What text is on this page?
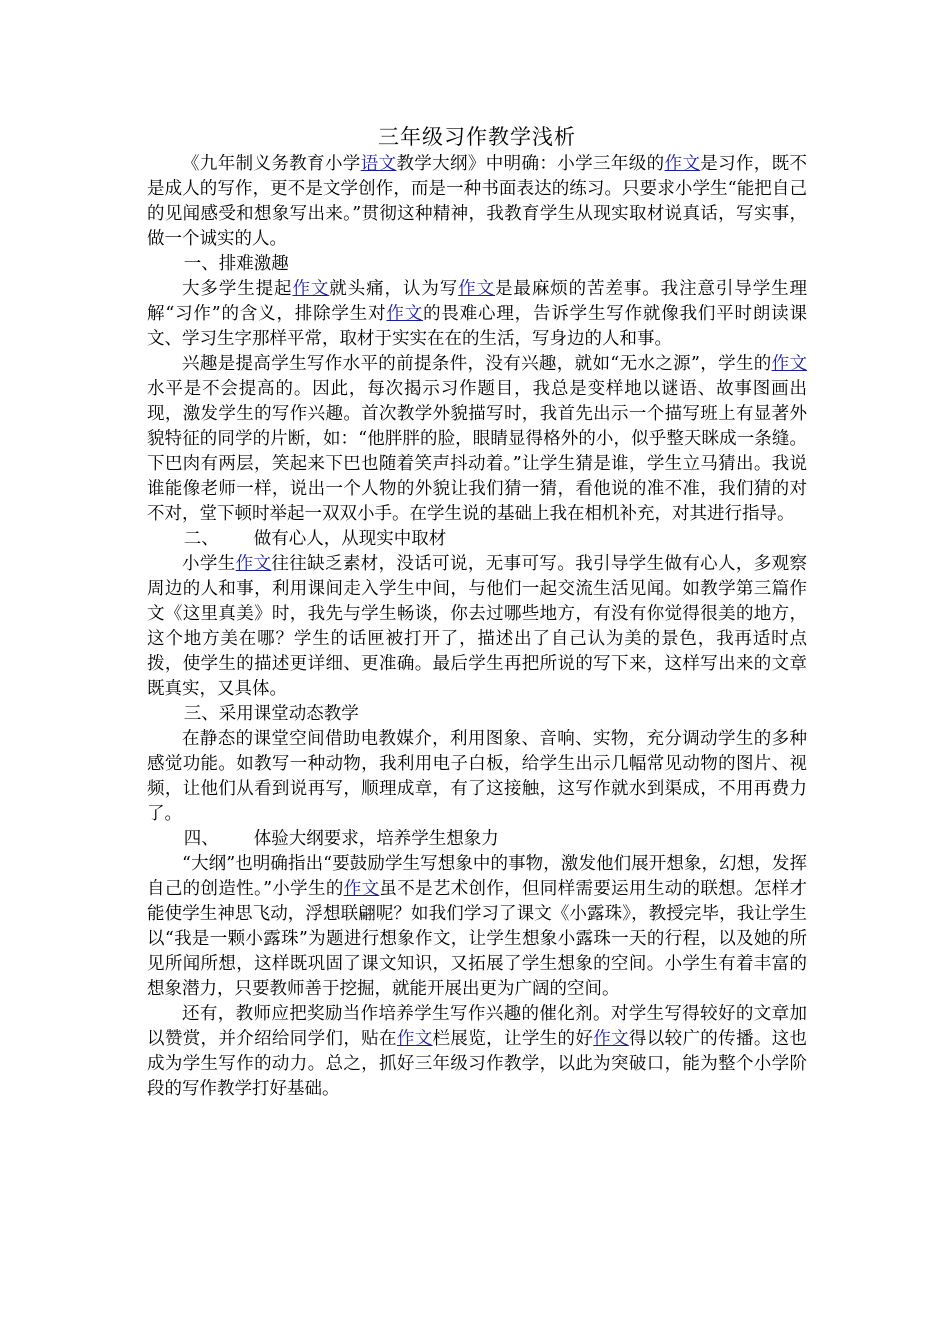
三年级习作教学浅析

《九年制义务教育小学语文教学大纲》中明确：小学三年级的作文是习作，既不是成人的写作，更不是文学创作，而是一种书面表达的练习。只要求小学生“能把自己的见闻感受和想象写出来。”贯彻这种精神，我教育学生从现实取材说真话，写实事，做一个诚实的人。

一、排难激趣

大多学生提起作文就头痛，认为写作文是最麻烦的苦差事。我注意引导学生理解“习作”的含义，排除学生对作文的畏难心理，告诉学生写作就像我们平时朗读课文、学习生字那样平常，取材于实实在在的生活，写身边的人和事。

兴趣是提高学生写作水平的前提条件，没有兴趣，就如“无水之源”，学生的作文水平是不会提高的。因此，每次揭示习作题目，我总是变样地以谜语、故事图画出现，激发学生的写作兴趣。首次教学外貌描写时，我首先出示一个描写班上有显著外貌特征的同学的片断，如：“他胖胖的脸，眼睛显得格外的小，似乎整天眯成一条缝。下巴肉有两层，笑起来下巴也随着笑声抖动着。”让学生猜是谁，学生立马猜出。我说谁能像老师一样，说出一个人物的外貌让我们猜一猜，看他说的准不准，我们猜的对不对，堂下顿时举起一双双小手。在学生说的基础上我在相机补充，对其进行指导。

二、 做有心人，从现实中取材

小学生作文往往缺乏素材，没话可说，无事可写。我引导学生做有心人，多观察周边的人和事，利用课间走入学生中间，与他们一起交流生活见闻。如教学第三篇作文《这里真美》时，我先与学生畅谈，你去过哪些地方，有没有你觉得很美的地方，这个地方美在哪？学生的话匣被打开了，描述出了自己认为美的景色，我再适时点拨，使学生的描述更详细、更准确。最后学生再把所说的写下来，这样写出来的文章既真实，又具体。

三、采用课堂动态教学

在静态的课堂空间借助电教媒介，利用图象、音响、实物，充分调动学生的多种感觉功能。如教写一种动物，我利用电子白板，给学生出示几幅常见动物的图片、视频，让他们从看到说再写，顺理成章，有了这接触，这写作就水到渠成，不用再费力了。

四、 体验大纲要求，培养学生想象力

“大纲”也明确指出“要鼓励学生写想象中的事物，激发他们展开想象，幻想，发挥自己的创造性。”小学生的作文虽不是艺术创作，但同样需要运用生动的联想。怎样才能使学生神思飞动，浮想联翩呢？如我们学习了课文《小露珠》，教授完毕，我让学生以“我是一颗小露珠”为题进行想象作文，让学生想象小露珠一天的行程，以及她的所见所闻所想，这样既巩固了课文知识，又拓展了学生想象的空间。小学生有着丰富的想象潜力，只要教师善于挖掘，就能开展出更为广阔的空间。

还有，教师应把奖励当作培养学生写作兴趣的催化剂。对学生写得较好的文章加以赞赏，并介绍给同学们，贴在作文栏展览，让学生的好作文得以较广的传播。这也成为学生写作的动力。总之，抓好三年级习作教学，以此为突破口，能为整个小学阶段的写作教学打好基础。
